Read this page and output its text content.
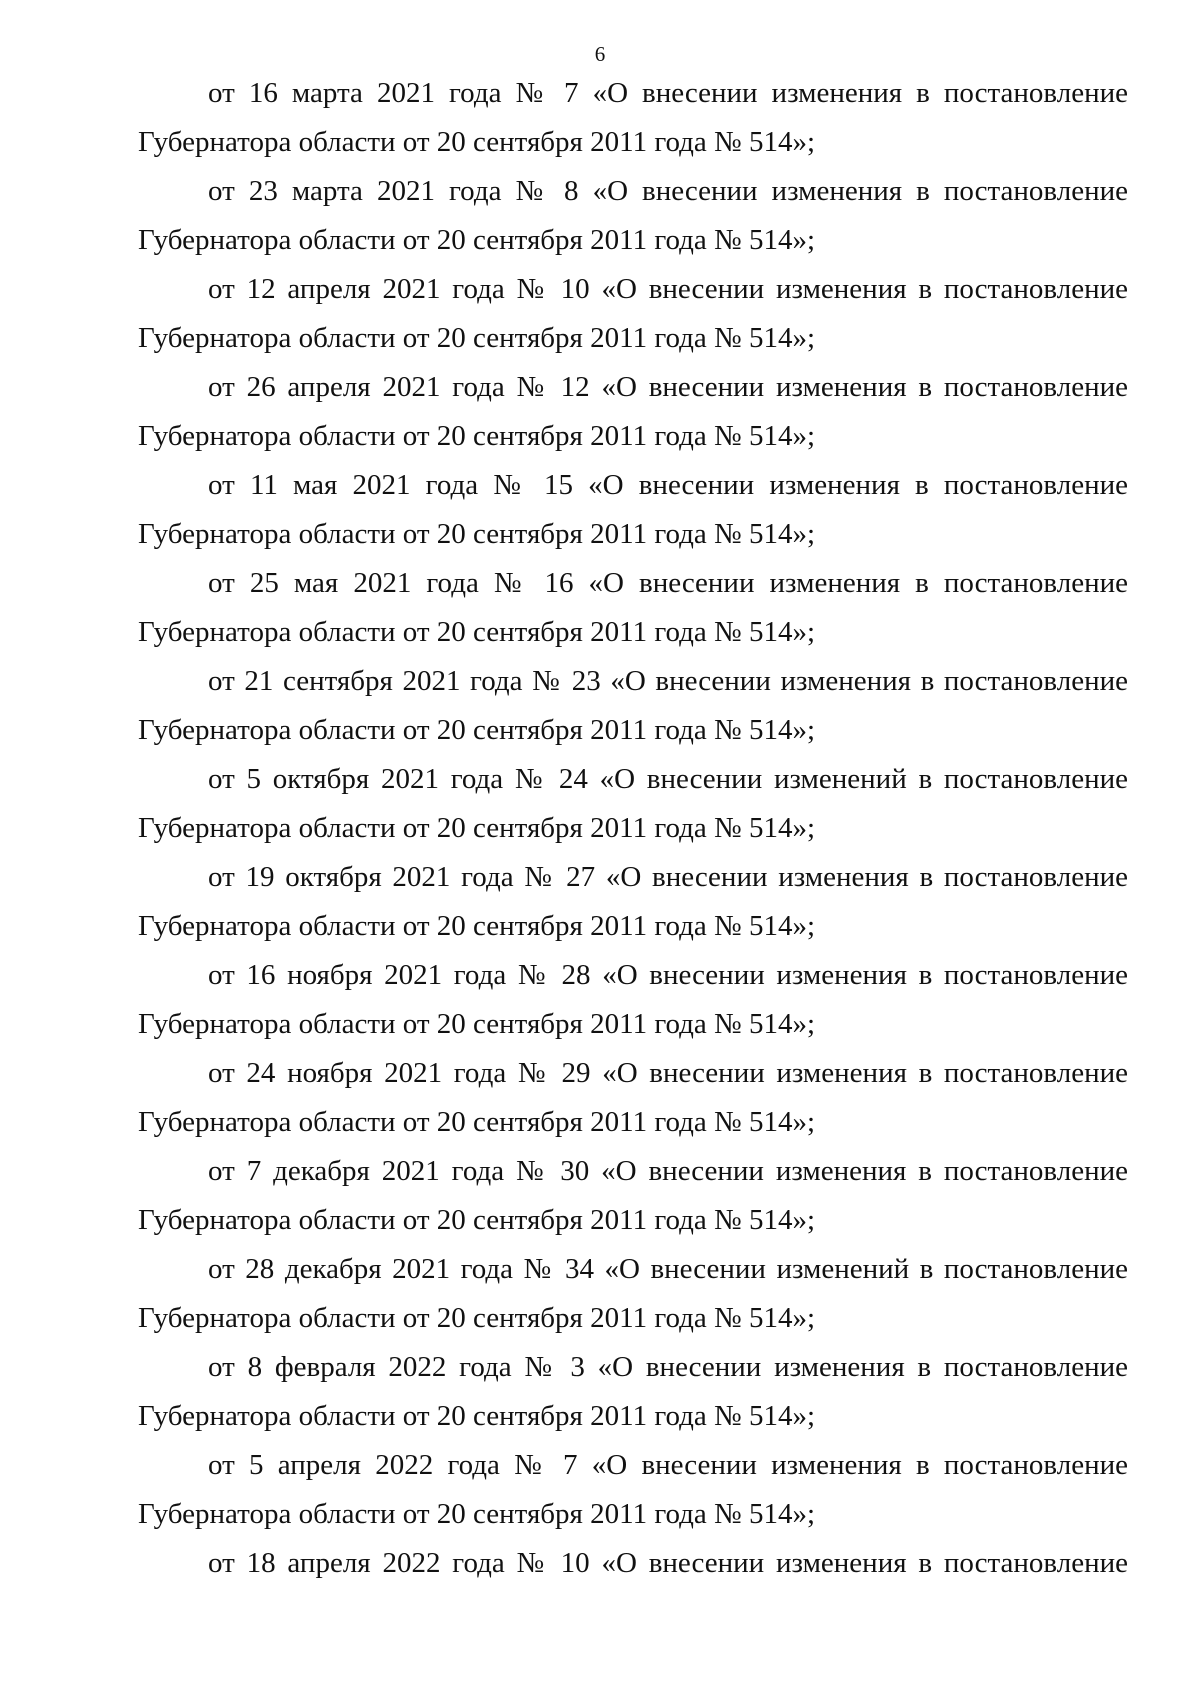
6

от 16 марта 2021 года № 7 «О внесении изменения в постановление
Губернатора области от 20 сентября 2011 года № 514»;

от 23 марта 2021 года № 8 «О внесении изменения в постановление
Губернатора области от 20 сентября 2011 года № 514»;

от 12 апреля 2021 года № 10 «О внесении изменения в постановление
Губернатора области от 20 сентября 2011 года № 514»;

от 26 апреля 2021 года № 12 «О внесении изменения в постановление
Губернатора области от 20 сентября 2011 года № 514»;

от 11 мая 2021 года № 15 «О внесении изменения в постановление
Губернатора области от 20 сентября 2011 года № 514»;

от 25 мая 2021 года № 16 «О внесении изменения в постановление
Губернатора области от 20 сентября 2011 года № 514»;

от 21 сентября 2021 года № 23 «О внесении изменения в постановление
Губернатора области от 20 сентября 2011 года № 514»;

от 5 октября 2021 года № 24 «О внесении изменений в постановление
Губернатора области от 20 сентября 2011 года № 514»;

от 19 октября 2021 года № 27 «О внесении изменения в постановление
Губернатора области от 20 сентября 2011 года № 514»;

от 16 ноября 2021 года № 28 «О внесении изменения в постановление
Губернатора области от 20 сентября 2011 года № 514»;

от 24 ноября 2021 года № 29 «О внесении изменения в постановление
Губернатора области от 20 сентября 2011 года № 514»;

от 7 декабря 2021 года № 30 «О внесении изменения в постановление
Губернатора области от 20 сентября 2011 года № 514»;

от 28 декабря 2021 года № 34 «О внесении изменений в постановление
Губернатора области от 20 сентября 2011 года № 514»;

от 8 февраля 2022 года № 3 «О внесении изменения в постановление
Губернатора области от 20 сентября 2011 года № 514»;

от 5 апреля 2022 года № 7 «О внесении изменения в постановление
Губернатора области от 20 сентября 2011 года № 514»;

от 18 апреля 2022 года № 10 «О внесении изменения в постановление
